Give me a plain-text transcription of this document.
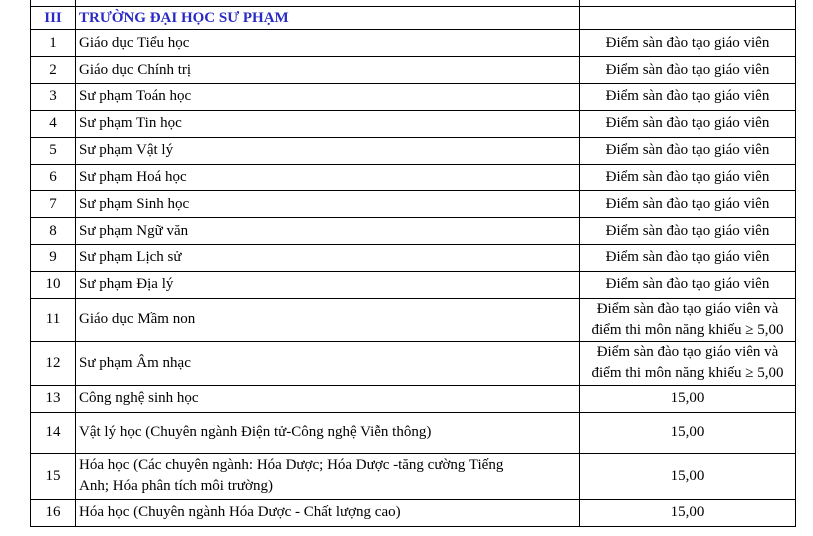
III	TRƯỜNG ĐẠI HỌC SƯ PHẠM	
1	Giáo dục Tiểu học	Điểm sàn đào tạo giáo viên
2	Giáo dục Chính trị	Điểm sàn đào tạo giáo viên
3	Sư phạm Toán học	Điểm sàn đào tạo giáo viên
4	Sư phạm Tin học	Điểm sàn đào tạo giáo viên
5	Sư phạm Vật lý	Điểm sàn đào tạo giáo viên
6	Sư phạm Hoá học	Điểm sàn đào tạo giáo viên
7	Sư phạm Sinh học	Điểm sàn đào tạo giáo viên
8	Sư phạm Ngữ văn	Điểm sàn đào tạo giáo viên
9	Sư phạm Lịch sử	Điểm sàn đào tạo giáo viên
10	Sư phạm Địa lý	Điểm sàn đào tạo giáo viên
11	Giáo dục Mầm non	Điểm sàn đào tạo giáo viên và
điểm thi môn năng khiếu ≥ 5,00

12	Sư phạm Âm nhạc	Điểm sàn đào tạo giáo viên và
điểm thi môn năng khiếu ≥ 5,00

13	Công nghệ sinh học	15,00
14	Vật lý học (Chuyên ngành Điện tử-Công nghệ Viễn thông)	15,00
15	Hóa học (Các chuyên ngành: Hóa Dược; Hóa Dược -tăng cường Tiếng
Anh; Hóa phân tích môi trường)	15,00
16	Hóa học (Chuyên ngành Hóa Dược - Chất lượng cao)	15,00
